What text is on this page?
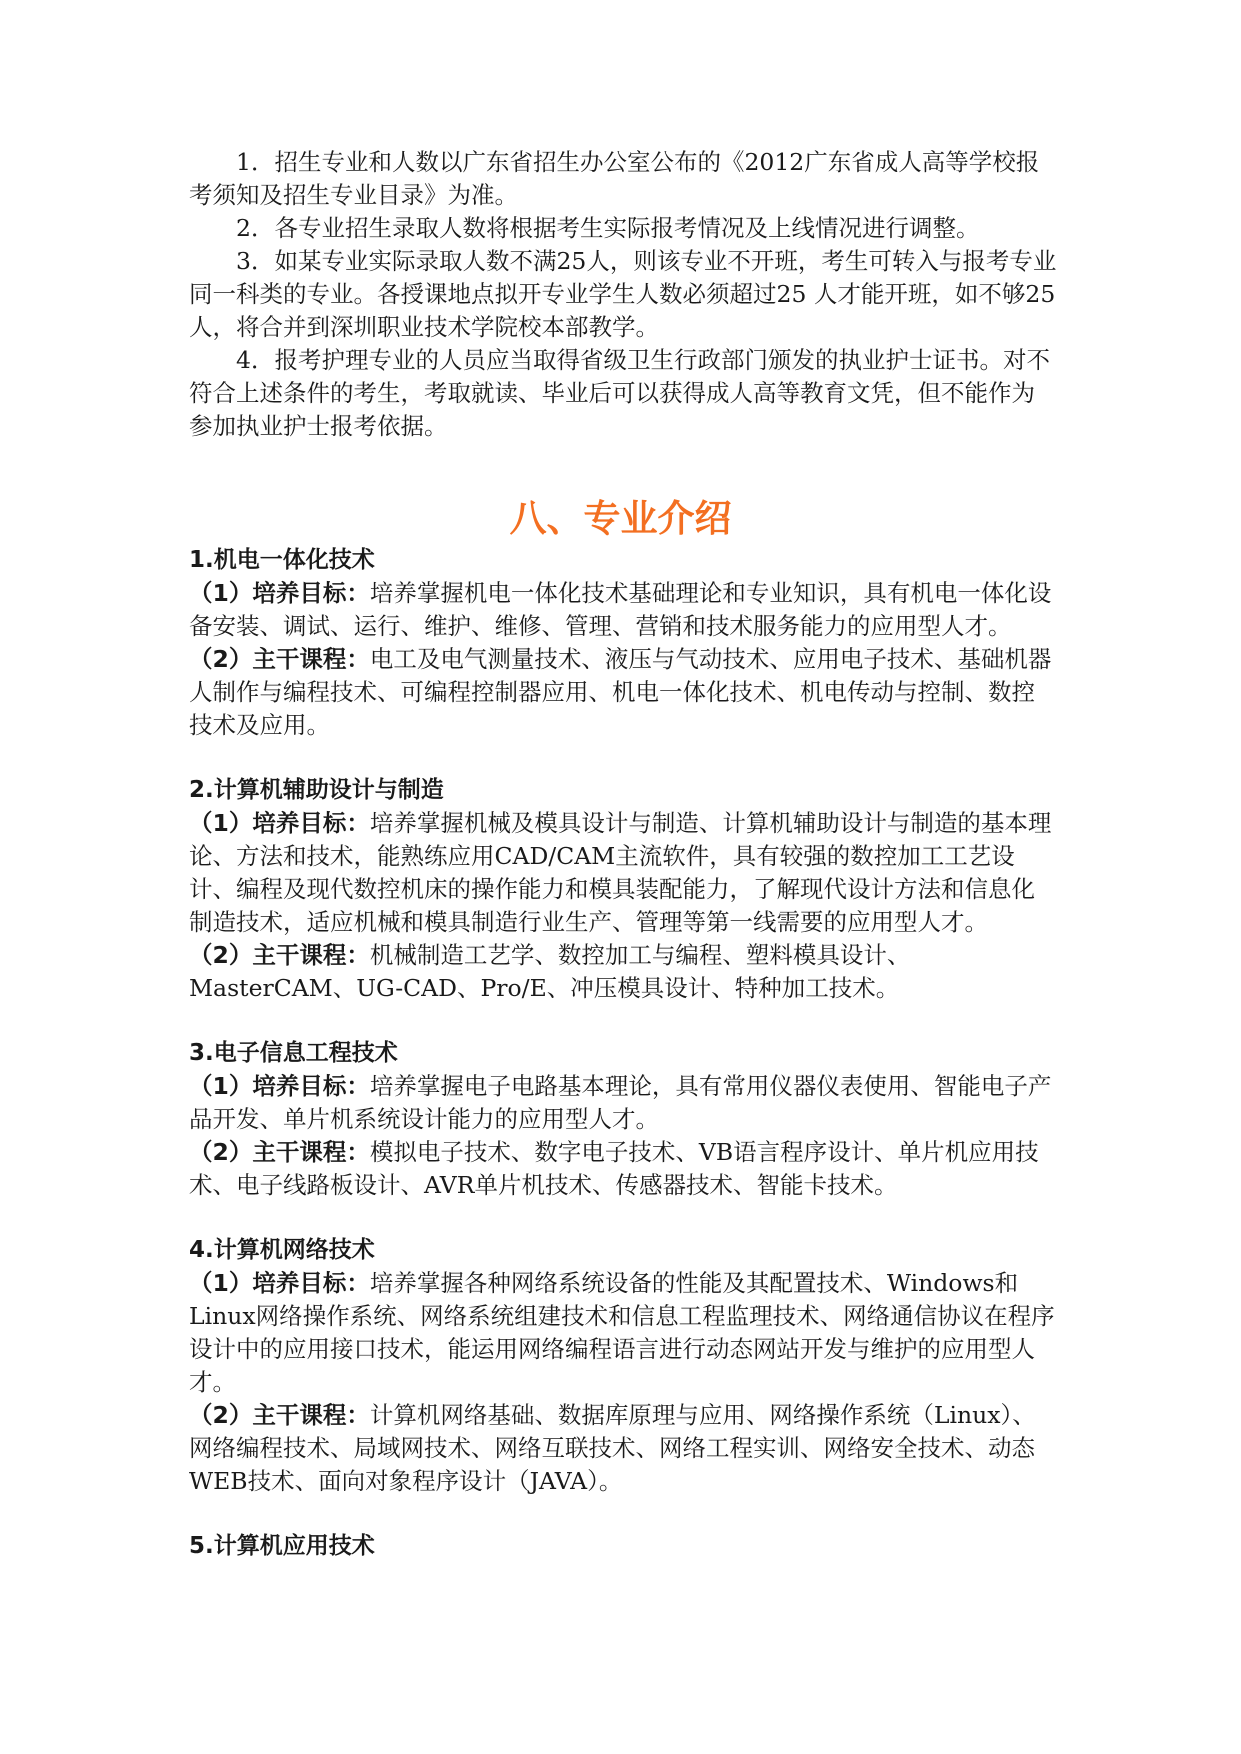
1．招生专业和人数以广东省招生办公室公布的《2012广东省成人高等学校报考须知及招生专业目录》为准。

2．各专业招生录取人数将根据考生实际报考情况及上线情况进行调整。

3．如某专业实际录取人数不满25人，则该专业不开班，考生可转入与报考专业同一科类的专业。各授课地点拟开专业学生人数必须超过25 人才能开班，如不够25人，将合并到深圳职业技术学院校本部教学。

4．报考护理专业的人员应当取得省级卫生行政部门颁发的执业护士证书。对不符合上述条件的考生，考取就读、毕业后可以获得成人高等教育文凭，但不能作为参加执业护士报考依据。

八、专业介绍
1.机电一体化技术

（1）培养目标：培养掌握机电一体化技术基础理论和专业知识，具有机电一体化设备安装、调试、运行、维护、维修、管理、营销和技术服务能力的应用型人才。

（2）主干课程：电工及电气测量技术、液压与气动技术、应用电子技术、基础机器人制作与编程技术、可编程控制器应用、机电一体化技术、机电传动与控制、数控技术及应用。

2.计算机辅助设计与制造

（1）培养目标：培养掌握机械及模具设计与制造、计算机辅助设计与制造的基本理论、方法和技术，能熟练应用CAD/CAM主流软件，具有较强的数控加工工艺设计、编程及现代数控机床的操作能力和模具装配能力，了解现代设计方法和信息化制造技术，适应机械和模具制造行业生产、管理等第一线需要的应用型人才。

（2）主干课程：机械制造工艺学、数控加工与编程、塑料模具设计、MasterCAM、UG-CAD、Pro/E、冲压模具设计、特种加工技术。

3.电子信息工程技术

（1）培养目标：培养掌握电子电路基本理论，具有常用仪器仪表使用、智能电子产品开发、单片机系统设计能力的应用型人才。

（2）主干课程：模拟电子技术、数字电子技术、VB语言程序设计、单片机应用技术、电子线路板设计、AVR单片机技术、传感器技术、智能卡技术。

4.计算机网络技术

（1）培养目标：培养掌握各种网络系统设备的性能及其配置技术、Windows和Linux网络操作系统、网络系统组建技术和信息工程监理技术、网络通信协议在程序设计中的应用接口技术，能运用网络编程语言进行动态网站开发与维护的应用型人才。

（2）主干课程：计算机网络基础、数据库原理与应用、网络操作系统（Linux）、网络编程技术、局域网技术、网络互联技术、网络工程实训、网络安全技术、动态WEB技术、面向对象程序设计（JAVA）。

5.计算机应用技术
